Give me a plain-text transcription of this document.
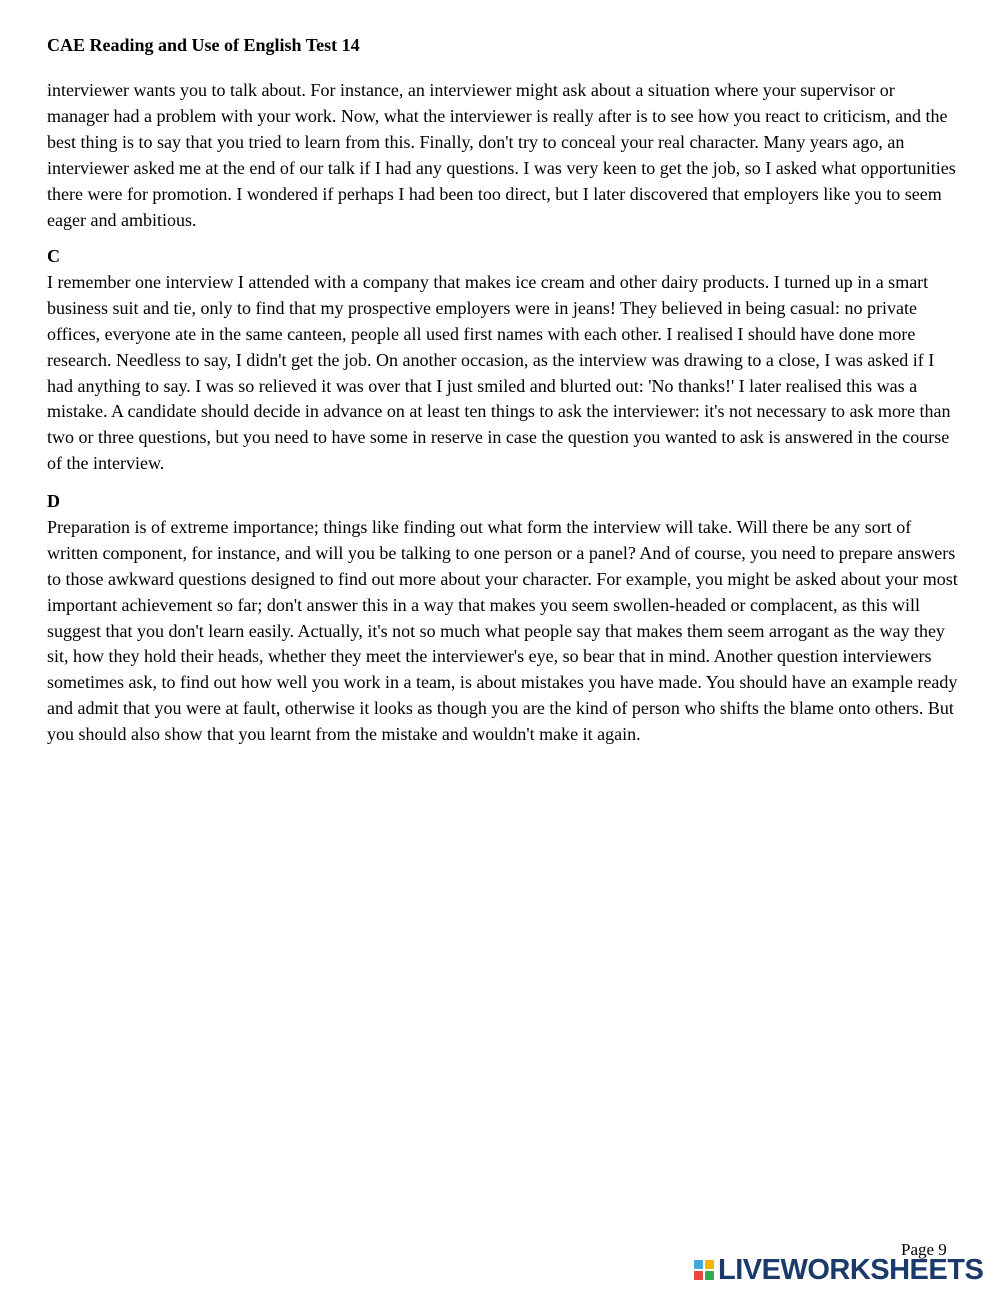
CAE Reading and Use of English Test 14

interviewer wants you to talk about. For instance, an interviewer might ask about a situation where your supervisor or manager had a problem with your work. Now, what the interviewer is really after is to see how you react to criticism, and the best thing is to say that you tried to learn from this. Finally, don't try to conceal your real character. Many years ago, an interviewer asked me at the end of our talk if I had any questions. I was very keen to get the job, so I asked what opportunities there were for promotion. I wondered if perhaps I had been too direct, but I later discovered that employers like you to seem eager and ambitious.

C

I remember one interview I attended with a company that makes ice cream and other dairy products. I turned up in a smart business suit and tie, only to find that my prospective employers were in jeans! They believed in being casual: no private offices, everyone ate in the same canteen, people all used first names with each other. I realised I should have done more research. Needless to say, I didn't get the job. On another occasion, as the interview was drawing to a close, I was asked if I had anything to say. I was so relieved it was over that I just smiled and blurted out: 'No thanks!' I later realised this was a mistake. A candidate should decide in advance on at least ten things to ask the interviewer: it's not necessary to ask more than two or three questions, but you need to have some in reserve in case the question you wanted to ask is answered in the course of the interview.

D

Preparation is of extreme importance; things like finding out what form the interview will take. Will there be any sort of written component, for instance, and will you be talking to one person or a panel? And of course, you need to prepare answers to those awkward questions designed to find out more about your character. For example, you might be asked about your most important achievement so far; don't answer this in a way that makes you seem swollen-headed or complacent, as this will suggest that you don't learn easily. Actually, it's not so much what people say that makes them seem arrogant as the way they sit, how they hold their heads, whether they meet the interviewer's eye, so bear that in mind. Another question interviewers sometimes ask, to find out how well you work in a team, is about mistakes you have made. You should have an example ready and admit that you were at fault, otherwise it looks as though you are the kind of person who shifts the blame onto others. But you should also show that you learnt from the mistake and wouldn't make it again.

Page 9
LIVEWORKSHEETS
